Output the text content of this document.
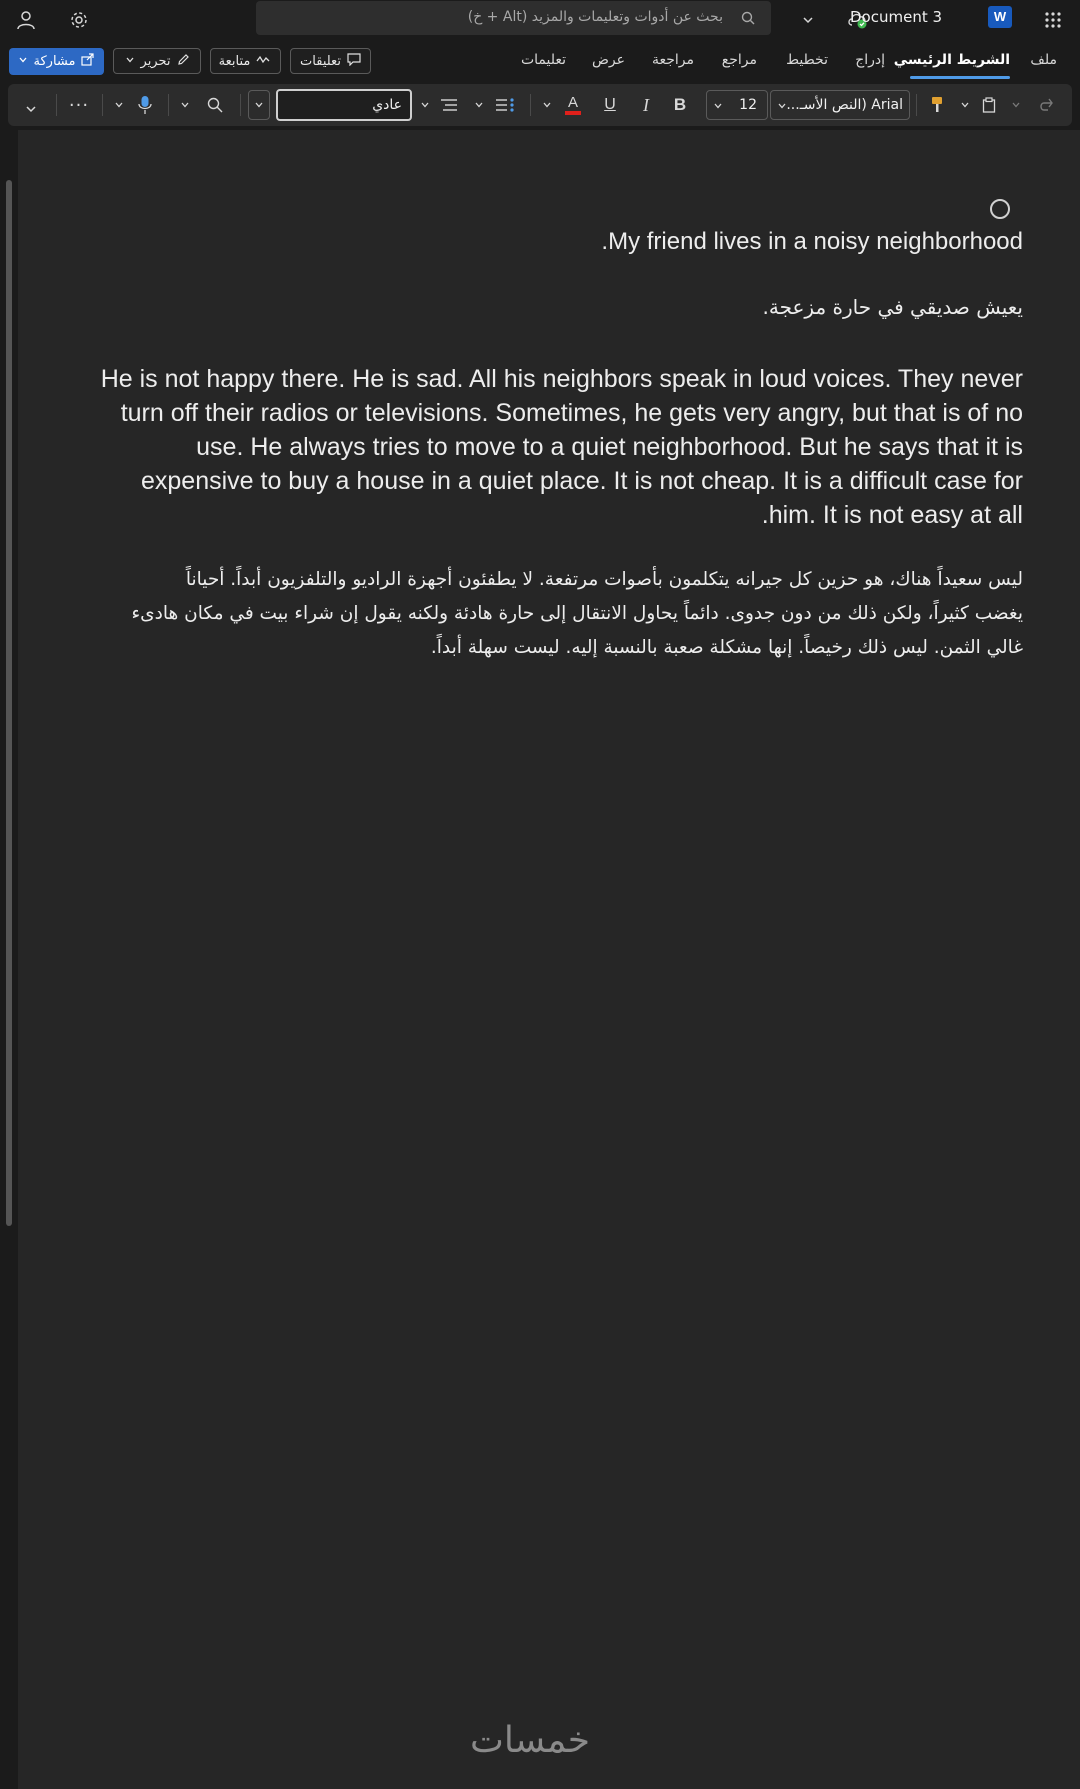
بحث عن أدوات وتعليمات والمزيد (Alt + خ)	Document 3	W
ملف
الشريط الرئيسي
إدراج
تخطيط
مراجع
مراجعة
عرض
تعليمات
تعليقات
متابعة
تحرير
مشاركة
Arial (النص الأسـ...
12
B
I
U
A
عادي
···
My friend lives in a noisy neighborhood.
يعيش صديقي في حارة مزعجة.
He is not happy there. He is sad. All his neighbors speak in loud voices. They never
turn off their radios or televisions. Sometimes, he gets very angry, but that is of no
use. He always tries to move to a quiet neighborhood. But he says that it is
expensive to buy a house in a quiet place. It is not cheap. It is a difficult case for
him. It is not easy at all.
ليس سعيداً هناك، هو حزين كل جيرانه يتكلمون بأصوات مرتفعة. لا يطفئون أجهزة الراديو والتلفزيون أبداً. أحياناً
يغضب كثيراً، ولكن ذلك من دون جدوى. دائماً يحاول الانتقال إلى حارة هادئة ولكنه يقول إن شراء بيت في مكان هادىء
غالي الثمن. ليس ذلك رخيصاً. إنها مشكلة صعبة بالنسبة إليه. ليست سهلة أبداً.
خمسات
